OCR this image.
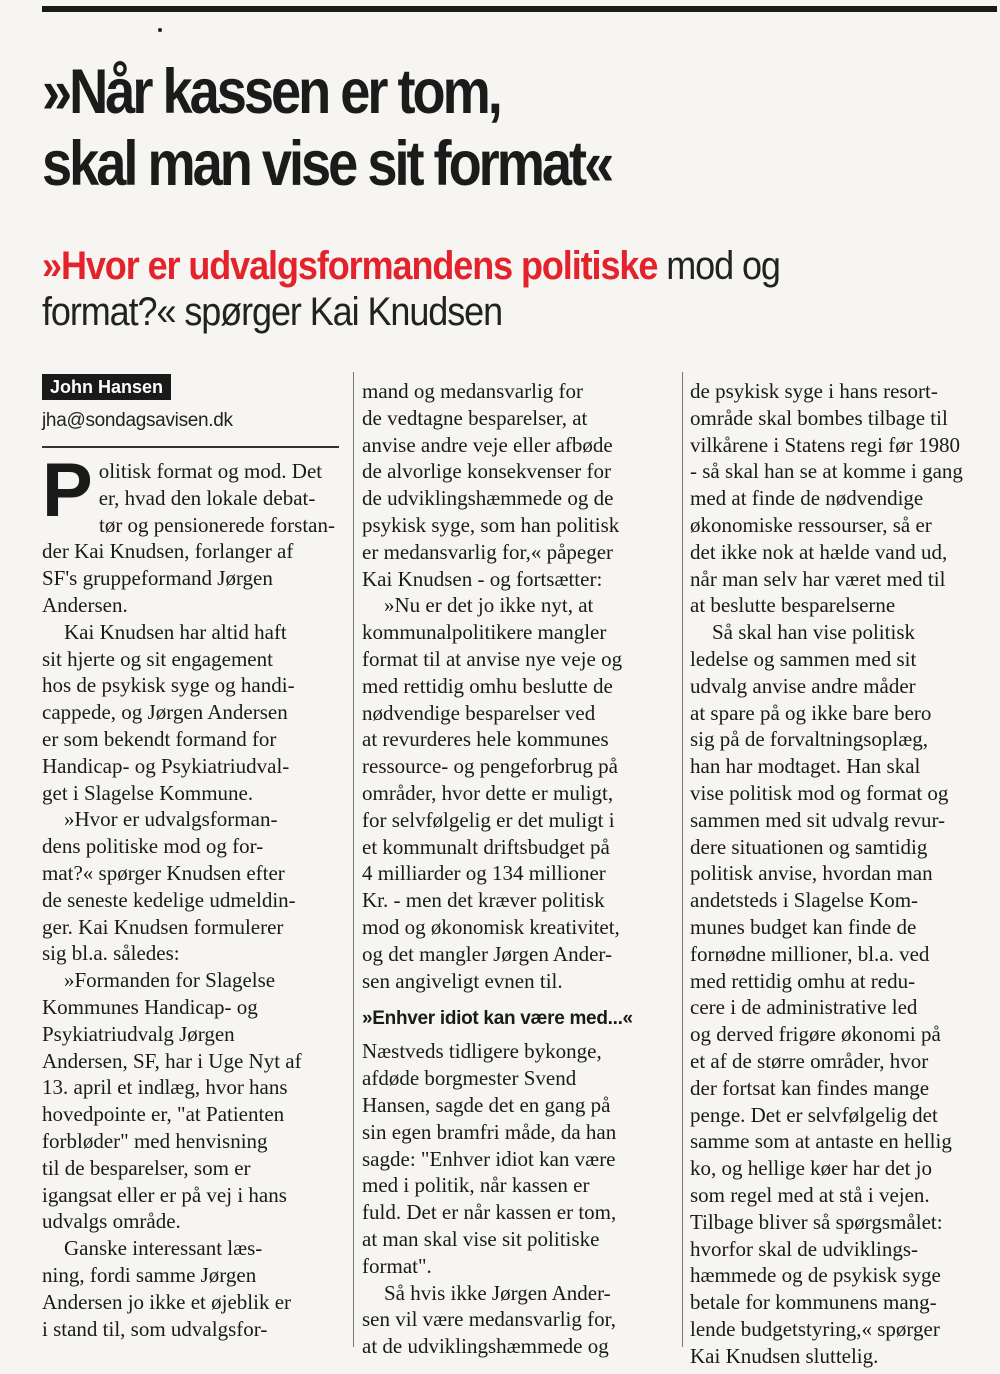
»Når kassen er tom,
skal man vise sit format«

»Hvor er udvalgsformandens politiske mod og
format?« spørger Kai Knudsen

John Hansen
jha@sondagsavisen.dk
P olitisk format og mod. Det
er, hvad den lokale debat-
tør og pensionerede forstan-
der Kai Knudsen, forlanger af
SF's gruppeformand Jørgen
Andersen.
Kai Knudsen har altid haft
sit hjerte og sit engagement
hos de psykisk syge og handi-
cappede, og Jørgen Andersen
er som bekendt formand for
Handicap- og Psykiatriudval-
get i Slagelse Kommune.
»Hvor er udvalgsforman-
dens politiske mod og for-
mat?« spørger Knudsen efter
de seneste kedelige udmeldin-
ger. Kai Knudsen formulerer
sig bl.a. således:
»Formanden for Slagelse
Kommunes Handicap- og
Psykiatriudvalg Jørgen
Andersen, SF, har i Uge Nyt af
13. april et indlæg, hvor hans
hovedpointe er, "at Patienten
forbløder" med henvisning
til de besparelser, som er
igangsat eller er på vej i hans
udvalgs område.
Ganske interessant læs-
ning, fordi samme Jørgen
Andersen jo ikke et øjeblik er
i stand til, som udvalgsfor-
mand og medansvarlig for
de vedtagne besparelser, at
anvise andre veje eller afbøde
de alvorlige konsekvenser for
de udviklingshæmmede og de
psykisk syge, som han politisk
er medansvarlig for,« påpeger
Kai Knudsen - og fortsætter:
»Nu er det jo ikke nyt, at
kommunalpolitikere mangler
format til at anvise nye veje og
med rettidig omhu beslutte de
nødvendige besparelser ved
at revurderes hele kommunes
ressource- og pengeforbrug på
områder, hvor dette er muligt,
for selvfølgelig er det muligt i
et kommunalt driftsbudget på
4 milliarder og 134 millioner
Kr. - men det kræver politisk
mod og økonomisk kreativitet,
og det mangler Jørgen Ander-
sen angiveligt evnen til.
»Enhver idiot kan være med...«
Næstveds tidligere bykonge,
afdøde borgmester Svend
Hansen, sagde det en gang på
sin egen bramfri måde, da han
sagde: "Enhver idiot kan være
med i politik, når kassen er
fuld. Det er når kassen er tom,
at man skal vise sit politiske
format".
Så hvis ikke Jørgen Ander-
sen vil være medansvarlig for,
at de udviklingshæmmede og
de psykisk syge i hans resort-
område skal bombes tilbage til
vilkårene i Statens regi før 1980
- så skal han se at komme i gang
med at finde de nødvendige
økonomiske ressourser, så er
det ikke nok at hælde vand ud,
når man selv har været med til
at beslutte besparelserne
Så skal han vise politisk
ledelse og sammen med sit
udvalg anvise andre måder
at spare på og ikke bare bero
sig på de forvaltningsoplæg,
han har modtaget. Han skal
vise politisk mod og format og
sammen med sit udvalg revur-
dere situationen og samtidig
politisk anvise, hvordan man
andetsteds i Slagelse Kom-
munes budget kan finde de
fornødne millioner, bl.a. ved
med rettidig omhu at redu-
cere i de administrative led
og derved frigøre økonomi på
et af de større områder, hvor
der fortsat kan findes mange
penge. Det er selvfølgelig det
samme som at antaste en hellig
ko, og hellige køer har det jo
som regel med at stå i vejen.
Tilbage bliver så spørgsmålet:
hvorfor skal de udviklings-
hæmmede og de psykisk syge
betale for kommunens mang-
lende budgetstyring,« spørger
Kai Knudsen sluttelig.
